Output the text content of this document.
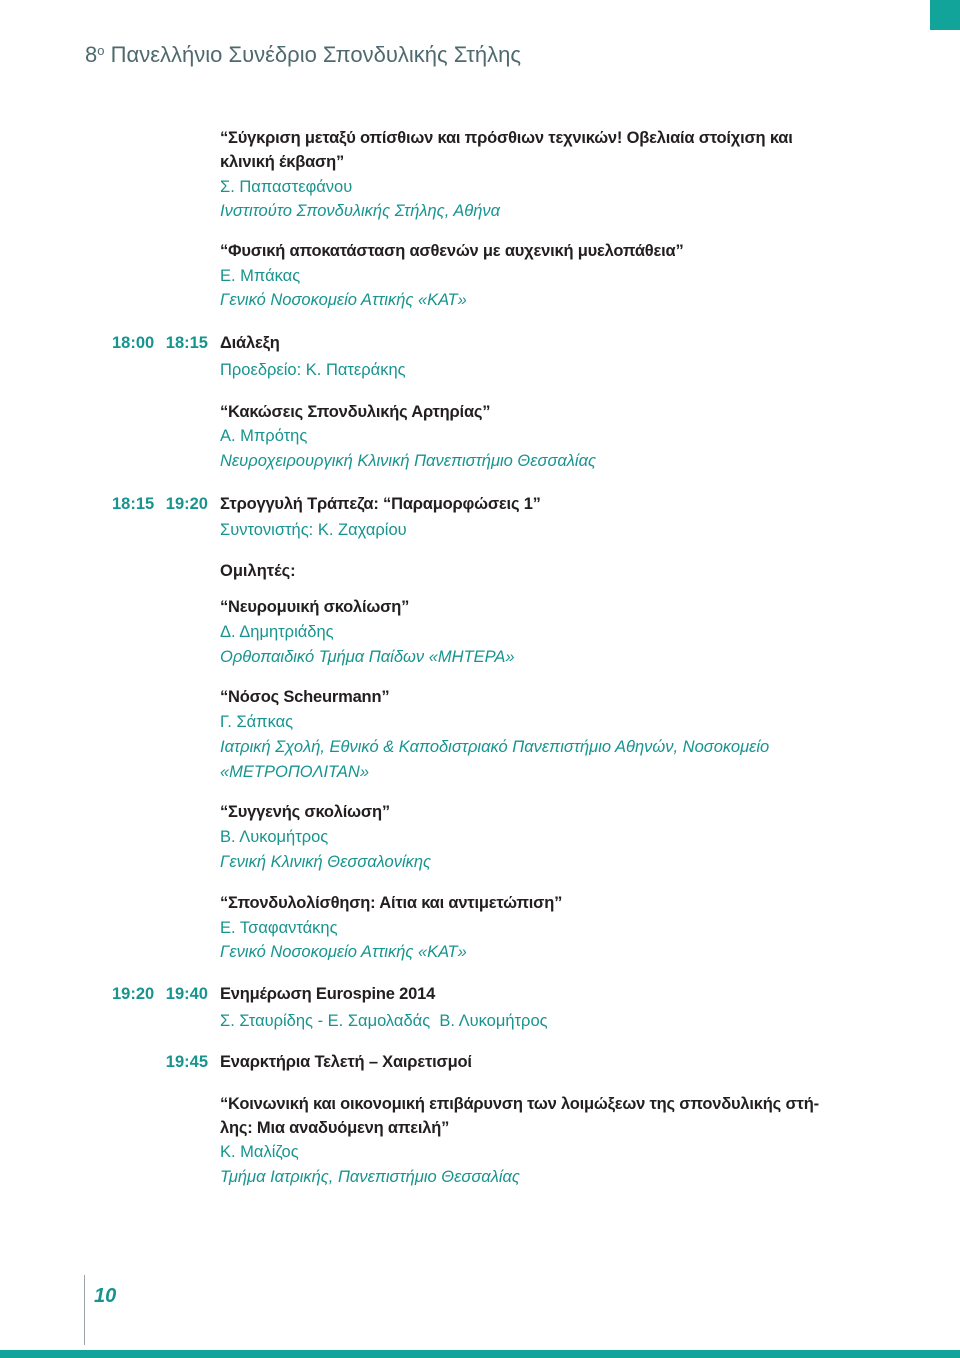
$8^o$ Πανελλήνιο Συνέδριο Σπονδυλικής Στήλης
“Σύγκριση μεταξύ οπίσθιων και πρόσθιων τεχνικών! Οβελιαία στοίχιση και
κλινική έκβαση”
Σ. Παπαστεφάνου
Ινστιτούτο Σπονδυλικής Στήλης, Αθήνα
“Φυσική αποκατάσταση ασθενών με αυχενική μυελοπάθεια”
Ε. Μπάκας
Γενικό Νοσοκομείο Αττικής «ΚΑΤ»
18:00 18:15 Διάλεξη
Προεδρείο: Κ. Πατεράκης
“Κακώσεις Σπονδυλικής Αρτηρίας”
Α. Μπρότης
Νευροχειρουργική Κλινική Πανεπιστήμιο Θεσσαλίας
18:15 19:20 Στρογγυλή Τράπεζα: “Παραμορφώσεις 1”
Συντονιστής: Κ. Ζαχαρίου
Ομιλητές:
“Νευρομυική σκολίωση”
Δ. Δημητριάδης
Ορθοπαιδικό Τμήμα Παίδων «ΜΗΤΕΡΑ»
“Νόσος Scheurmann”
Γ. Σάπκας
Ιατρική Σχολή, Εθνικό & Καποδιστριακό Πανεπιστήμιο Αθηνών, Νοσοκομείο
«ΜΕΤΡΟΠΟΛΙΤΑΝ»
“Συγγενής σκολίωση”
Β. Λυκομήτρος
Γενική Κλινική Θεσσαλονίκης
“Σπονδυλολίσθηση: Αίτια και αντιμετώπιση”
Ε. Τσαφαντάκης
Γενικό Νοσοκομείο Αττικής «ΚΑΤ»
19:20 19:40 Ενημέρωση Eurospine 2014
Σ. Σταυρίδης - Ε. Σαμολαδάς  Β. Λυκομήτρος
19:45 Εναρκτήρια Τελετή – Χαιρετισμοί
“Κοινωνική και οικονομική επιβάρυνση των λοιμώξεων της σπονδυλικής στή-
λης: Μια αναδυόμενη απειλή”
Κ. Μαλίζος
Τμήμα Ιατρικής, Πανεπιστήμιο Θεσσαλίας
10
